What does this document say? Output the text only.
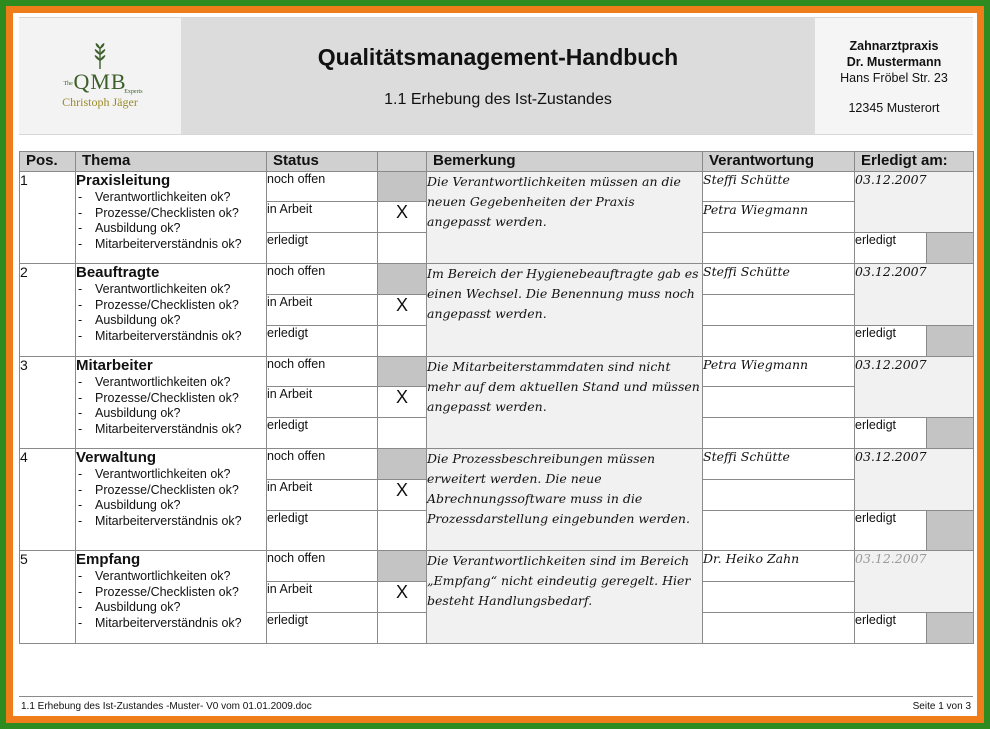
The QMB
Experts
Christoph Jäger
Qualitätsmanagement-Handbuch
1.1 Erhebung des Ist-Zustandes
Zahnarztpraxis
Dr. Mustermann
Hans Fröbel Str. 23
12345 Musterort
Pos.	Thema	Status		Bemerkung	Verantwortung	Erledigt am:	
1	Praxisleitung
- Verantwortlichkeiten ok?
- Prozesse/Checklisten ok?
- Ausbildung ok?
- Mitarbeiterverständnis ok?	noch offen		Die Verantwortlichkeiten müssen an die neuen Gegebenheiten der Praxis angepasst werden.	Steffi Schütte	03.12.2007	
		in Arbeit	X		Petra Wiegmann		
		erledigt				erledigt	
2	Beauftragte
- Verantwortlichkeiten ok?
- Prozesse/Checklisten ok?
- Ausbildung ok?
- Mitarbeiterverständnis ok?	noch offen		Im Bereich der Hygienebeauftragte gab es einen Wechsel. Die Benennung muss noch angepasst werden.	Steffi Schütte	03.12.2007	
		in Arbeit	X				
		erledigt				erledigt	
3	Mitarbeiter
- Verantwortlichkeiten ok?
- Prozesse/Checklisten ok?
- Ausbildung ok?
- Mitarbeiterverständnis ok?	noch offen		Die Mitarbeiterstammdaten sind nicht mehr auf dem aktuellen Stand und müssen angepasst werden.	Petra Wiegmann	03.12.2007	
		in Arbeit	X				
		erledigt				erledigt	
4	Verwaltung
- Verantwortlichkeiten ok?
- Prozesse/Checklisten ok?
- Ausbildung ok?
- Mitarbeiterverständnis ok?	noch offen		Die Prozessbeschreibungen müssen erweitert werden. Die neue Abrechnungssoftware muss in die Prozessdarstellung eingebunden werden.	Steffi Schütte	03.12.2007	
		in Arbeit	X				
		erledigt				erledigt	
5	Empfang
- Verantwortlichkeiten ok?
- Prozesse/Checklisten ok?
- Ausbildung ok?
- Mitarbeiterverständnis ok?	noch offen		Die Verantwortlichkeiten sind im Bereich „Empfang“ nicht eindeutig geregelt. Hier besteht Handlungsbedarf.	Dr. Heiko Zahn	03.12.2007	
		in Arbeit	X				
		erledigt				erledigt	
1.1 Erhebung des Ist-Zustandes -Muster- V0 vom 01.01.2009.doc	Seite 1 von 3
